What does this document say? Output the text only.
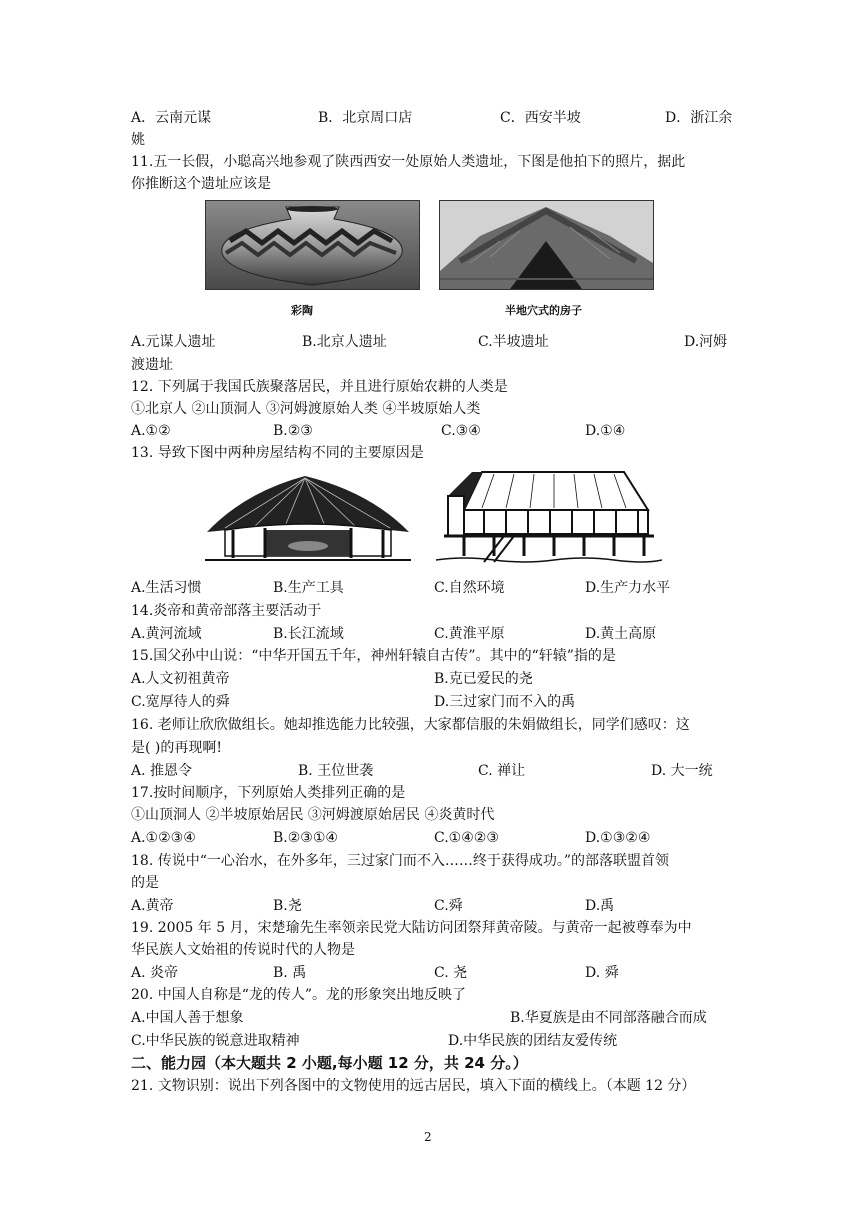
A．云南元谋	B．北京周口店	C．西安半坡	D．浙江余
姚
11.五一长假，小聪高兴地参观了陕西西安一处原始人类遗址，下图是他拍下的照片，据此
你推断这个遗址应该是
彩陶	半地穴式的房子
A.元谋人遗址	B.北京人遗址	C.半坡遗址	D.河姆
渡遗址
12. 下列属于我国氏族聚落居民，并且进行原始农耕的人类是
①北京人 ②山顶洞人 ③河姆渡原始人类 ④半坡原始人类
A.①②	B.②③	C.③④	D.①④
13. 导致下图中两种房屋结构不同的主要原因是
A.生活习惯	B.生产工具	C.自然环境	D.生产力水平
14.炎帝和黄帝部落主要活动于
A.黄河流域	B.长江流域	C.黄淮平原	D.黄土高原
15.国父孙中山说：“中华开国五千年，神州轩辕自古传”。其中的“轩辕”指的是
A.人文初祖黄帝	B.克已爱民的尧
C.宽厚待人的舜	D.三过家门而不入的禹
16. 老师让欣欣做组长。她却推选能力比较强，大家都信服的朱娟做组长，同学们感叹：这
是( )的再现啊!
A. 推恩令	B. 王位世袭	C. 禅让	D. 大一统
17.按时间顺序，下列原始人类排列正确的是
①山顶洞人 ②半坡原始居民 ③河姆渡原始居民 ④炎黄时代
A.①②③④	B.②③①④	C.①④②③	D.①③②④
18. 传说中“一心治水，在外多年，三过家门而不入……终于获得成功。”的部落联盟首领
的是
A.黄帝	B.尧	C.舜	D.禹
19. 2005 年 5 月，宋楚瑜先生率领亲民党大陆访问团祭拜黄帝陵。与黄帝一起被尊奉为中
华民族人文始祖的传说时代的人物是
A. 炎帝	B. 禹	C. 尧	D. 舜
20. 中国人自称是“龙的传人”。龙的形象突出地反映了
A.中国人善于想象	B.华夏族是由不同部落融合而成
C.中华民族的锐意进取精神	D.中华民族的团结友爱传统
二、能力园（本大题共 2 小题,每小题 12 分，共 24 分。）
21. 文物识别：说出下列各图中的文物使用的远古居民，填入下面的横线上。（本题 12 分）
2
